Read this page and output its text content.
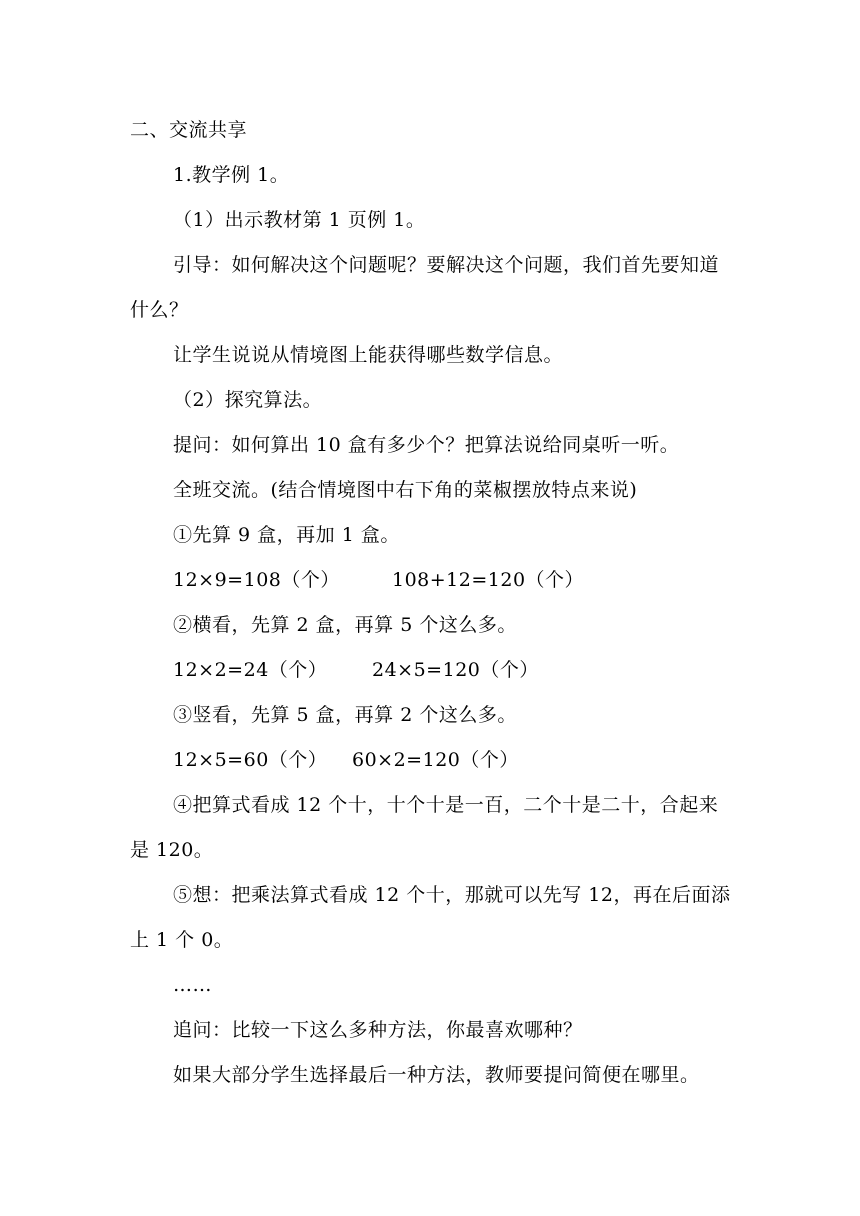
二、交流共享
1.教学例 1。
（1）出示教材第 1 页例 1。
引导：如何解决这个问题呢？要解决这个问题，我们首先要知道
什么？
让学生说说从情境图上能获得哪些数学信息。
（2）探究算法。
提问：如何算出 10 盒有多少个？把算法说给同桌听一听。
全班交流。(结合情境图中右下角的菜椒摆放特点来说)
①先算 9 盒，再加 1 盒。
12×9=108（个）	108+12=120（个）
②横看，先算 2 盒，再算 5 个这么多。
12×2=24（个） 24×5=120（个）
③竖看，先算 5 盒，再算 2 个这么多。
12×5=60（个） 60×2=120（个）
④把算式看成 12 个十，十个十是一百，二个十是二十，合起来
是 120。
⑤想：把乘法算式看成 12 个十，那就可以先写 12，再在后面添
上 1 个 0。
……
追问：比较一下这么多种方法，你最喜欢哪种？
如果大部分学生选择最后一种方法，教师要提问简便在哪里。
